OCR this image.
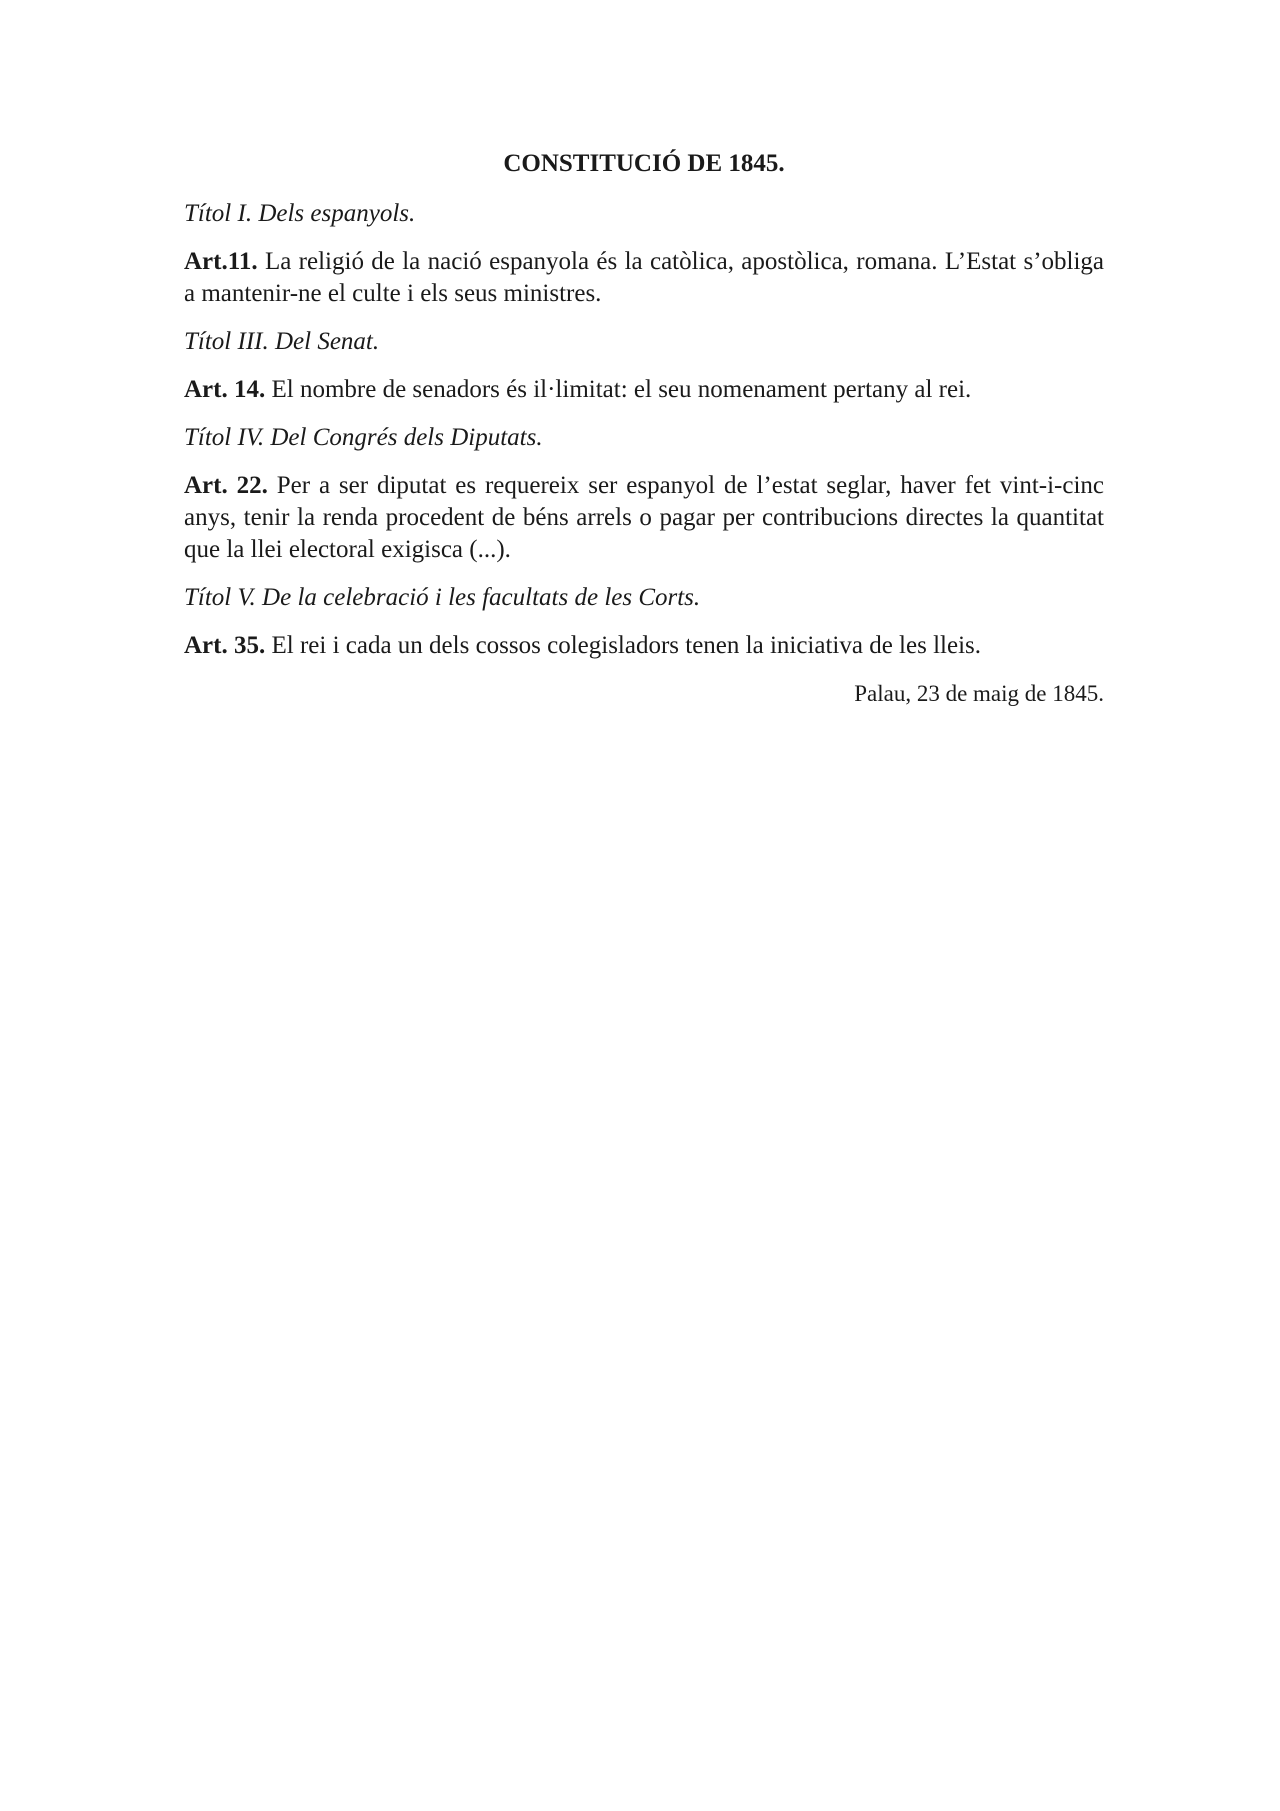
CONSTITUCIÓ DE 1845.

Títol I. Dels espanyols.

Art.11. La religió de la nació espanyola és la catòlica, apostòlica, romana. L’Estat s’obliga a mantenir-ne el culte i els seus ministres.

Títol III. Del Senat.

Art. 14. El nombre de senadors és il·limitat: el seu nomenament pertany al rei.

Títol IV. Del Congrés dels Diputats.

Art. 22. Per a ser diputat es requereix ser espanyol de l’estat seglar, haver fet vint-i-cinc anys, tenir la renda procedent de béns arrels o pagar per contribucions directes la quantitat que la llei electoral exigisca (...).

Títol V. De la celebració i les facultats de les Corts.

Art. 35. El rei i cada un dels cossos colegisladors tenen la iniciativa de les lleis.

Palau, 23 de maig de 1845.
